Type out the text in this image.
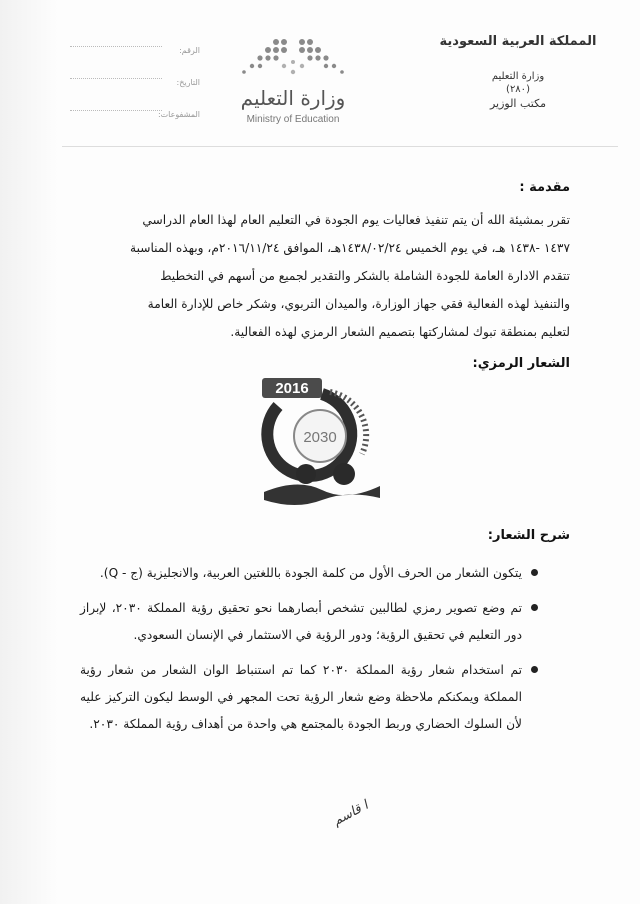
المملكة العربية السعودية
وزارة التعليم
(٢٨٠)
مكتب الوزير
وزارة التعليم
Ministry of Education
الرقم:
التاريخ:
المشفوعات:
مقدمة :

تقرر بمشيئة الله أن يتم تنفيذ فعاليات يوم الجودة في التعليم العام لهذا العام الدراسي

١٤٣٧ -١٤٣٨ هـ، في يوم الخميس ١٤٣٨/٠٢/٢٤هـ، الموافق ٢٠١٦/١١/٢٤م، وبهذه المناسبة

تتقدم الادارة العامة للجودة الشاملة بالشكر والتقدير لجميع من أسهم في التخطيط

والتنفيذ لهذه الفعالية فقي جهاز الوزارة، والميدان التربوي، وشكر خاص للإدارة العامة

لتعليم بمنطقة تبوك لمشاركتها بتصميم الشعار الرمزي لهذه الفعالية.

الشعار الرمزي:
2016
2030
شرح الشعار:
يتكون الشعار من الحرف الأول من كلمة الجودة باللغتين العربية، والانجليزية (ج - Q).
تم وضع تصوير رمزي لطالبين تشخص أبصارهما نحو تحقيق رؤية المملكة ٢٠٣٠، لإبراز دور التعليم في تحقيق الرؤية؛ ودور الرؤية في الاستثمار في الإنسان السعودي.
تم استخدام شعار رؤية المملكة ٢٠٣٠ كما تم استنباط الوان الشعار من شعار رؤية المملكة ويمكنكم ملاحظة وضع شعار الرؤية تحت المجهر في الوسط ليكون التركيز عليه لأن السلوك الحضاري وربط الجودة بالمجتمع هي واحدة من أهداف رؤية المملكة ٢٠٣٠.
ا قاسم
